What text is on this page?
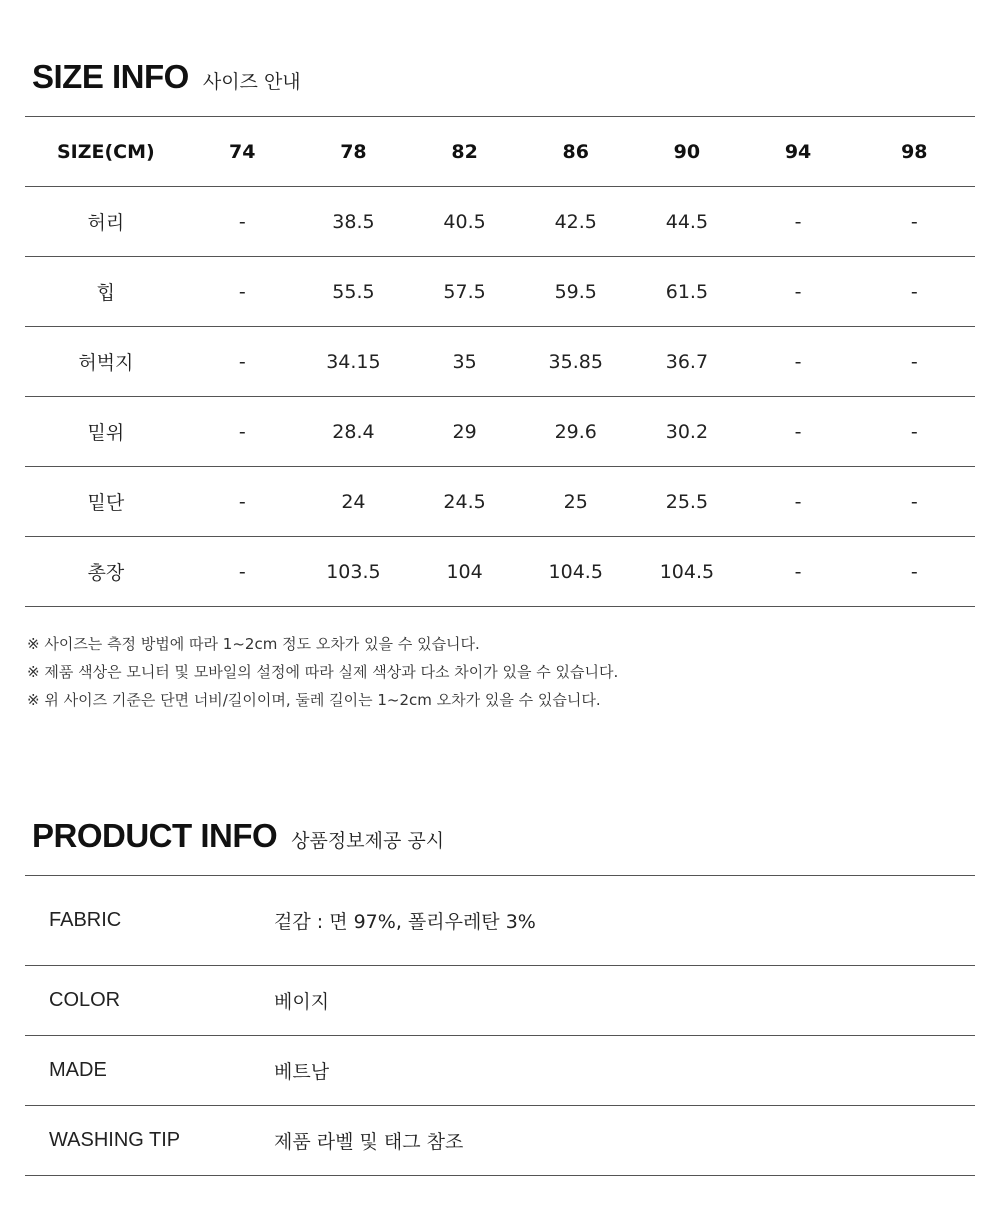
SIZE INFO 사이즈 안내
SIZE(CM)	74	78	82	86	90	94	98
허리	-	38.5	40.5	42.5	44.5	-	-
힙	-	55.5	57.5	59.5	61.5	-	-
허벅지	-	34.15	35	35.85	36.7	-	-
밑위	-	28.4	29	29.6	30.2	-	-
밑단	-	24	24.5	25	25.5	-	-
총장	-	103.5	104	104.5	104.5	-	-

※ 사이즈는 측정 방법에 따라 1~2cm 정도 오차가 있을 수 있습니다.

※ 제품 색상은 모니터 및 모바일의 설정에 따라 실제 색상과 다소 차이가 있을 수 있습니다.

※ 위 사이즈 기준은 단면 너비/길이이며, 둘레 길이는 1~2cm 오차가 있을 수 있습니다.

PRODUCT INFO 상품정보제공 공시
FABRIC	겉감 : 면 97%, 폴리우레탄 3%
COLOR	베이지
MADE	베트남
WASHING TIP	제품 라벨 및 태그 참조
